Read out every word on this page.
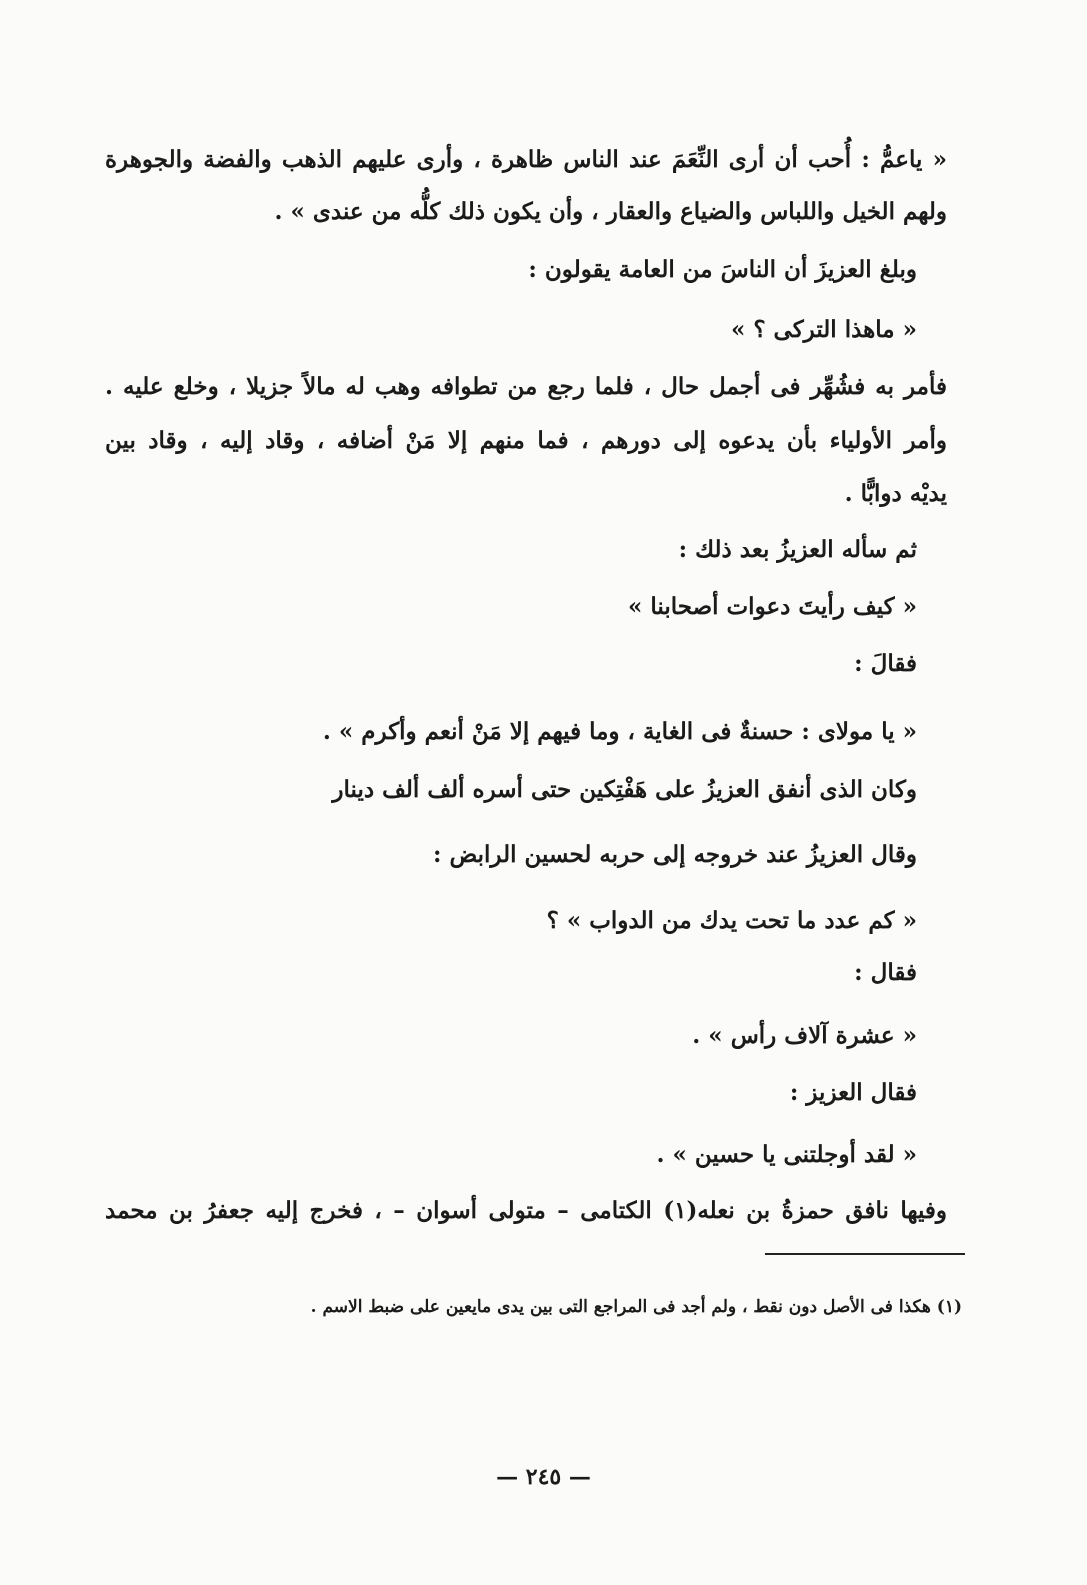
« ياعمُّ : أُحب أن أرى النِّعَمَ عند الناس ظاهرة ، وأرى عليهم الذهب والفضة والجوهرة
ولهم الخيل واللباس والضياع والعقار ، وأن يكون ذلك كلُّه من عندى » .
وبلغ العزيزَ أن الناسَ من العامة يقولون :
« ماهذا التركى ؟ »
فأمر به فشُهِّر فى أجمل حال ، فلما رجع من تطوافه وهب له مالاً جزيلا ، وخلع عليه .
وأمر الأولياء بأن يدعوه إلى دورهم ، فما منهم إلا مَنْ أضافه ، وقاد إليه ، وقاد بين
يديْه دوابًّا .
ثم سأله العزيزُ بعد ذلك :
« كيف رأيتَ دعوات أصحابنا »
فقالَ :
« يا مولاى : حسنةٌ فى الغاية ، وما فيهم إلا مَنْ أنعم وأكرم » .
وكان الذى أنفق العزيزُ على هَفْتِكين حتى أسره ألف ألف دينار
وقال العزيزُ عند خروجه إلى حربه لحسين الرابض :
« كم عدد ما تحت يدك من الدواب » ؟
فقال :
« عشرة آلاف رأس » .
فقال العزيز :
« لقد أوجلتنى يا حسين » .
وفيها نافق حمزةُ بن نعله(١) الكتامى – متولى أسوان – ، فخرج إليه جعفرُ بن محمد
(١) هكذا فى الأصل دون نقط ، ولم أجد فى المراجع التى بين يدى مايعين على ضبط الاسم .
— ٢٤٥ —
